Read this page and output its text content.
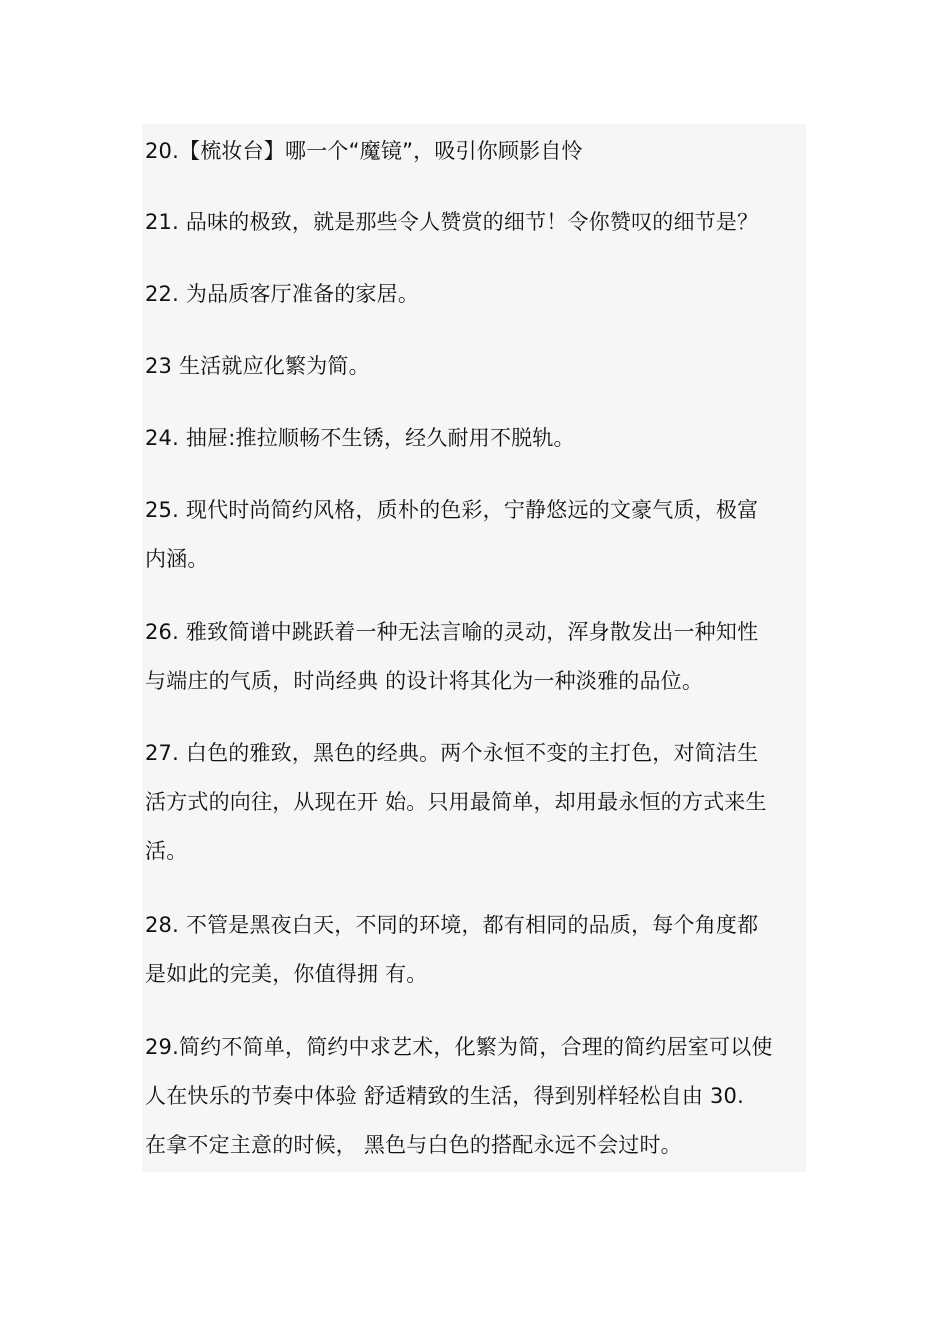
20.【梳妆台】哪一个“魔镜”，吸引你顾影自怜
21. 品味的极致，就是那些令人赞赏的细节！令你赞叹的细节是？
22. 为品质客厅准备的家居。
23 生活就应化繁为简。
24. 抽屉:推拉顺畅不生锈，经久耐用不脱轨。
25. 现代时尚简约风格，质朴的色彩，宁静悠远的文豪气质，极富
内涵。
26. 雅致简谱中跳跃着一种无法言喻的灵动，浑身散发出一种知性
与端庄的气质，时尚经典 的设计将其化为一种淡雅的品位。
27. 白色的雅致，黑色的经典。两个永恒不变的主打色，对简洁生
活方式的向往，从现在开 始。只用最简单，却用最永恒的方式来生
活。
28. 不管是黑夜白天，不同的环境，都有相同的品质，每个角度都
是如此的完美，你值得拥 有。
29.简约不简单，简约中求艺术，化繁为简，合理的简约居室可以使
人在快乐的节奏中体验 舒适精致的生活，得到别样轻松自由 30.
在拿不定主意的时候， 黑色与白色的搭配永远不会过时。
